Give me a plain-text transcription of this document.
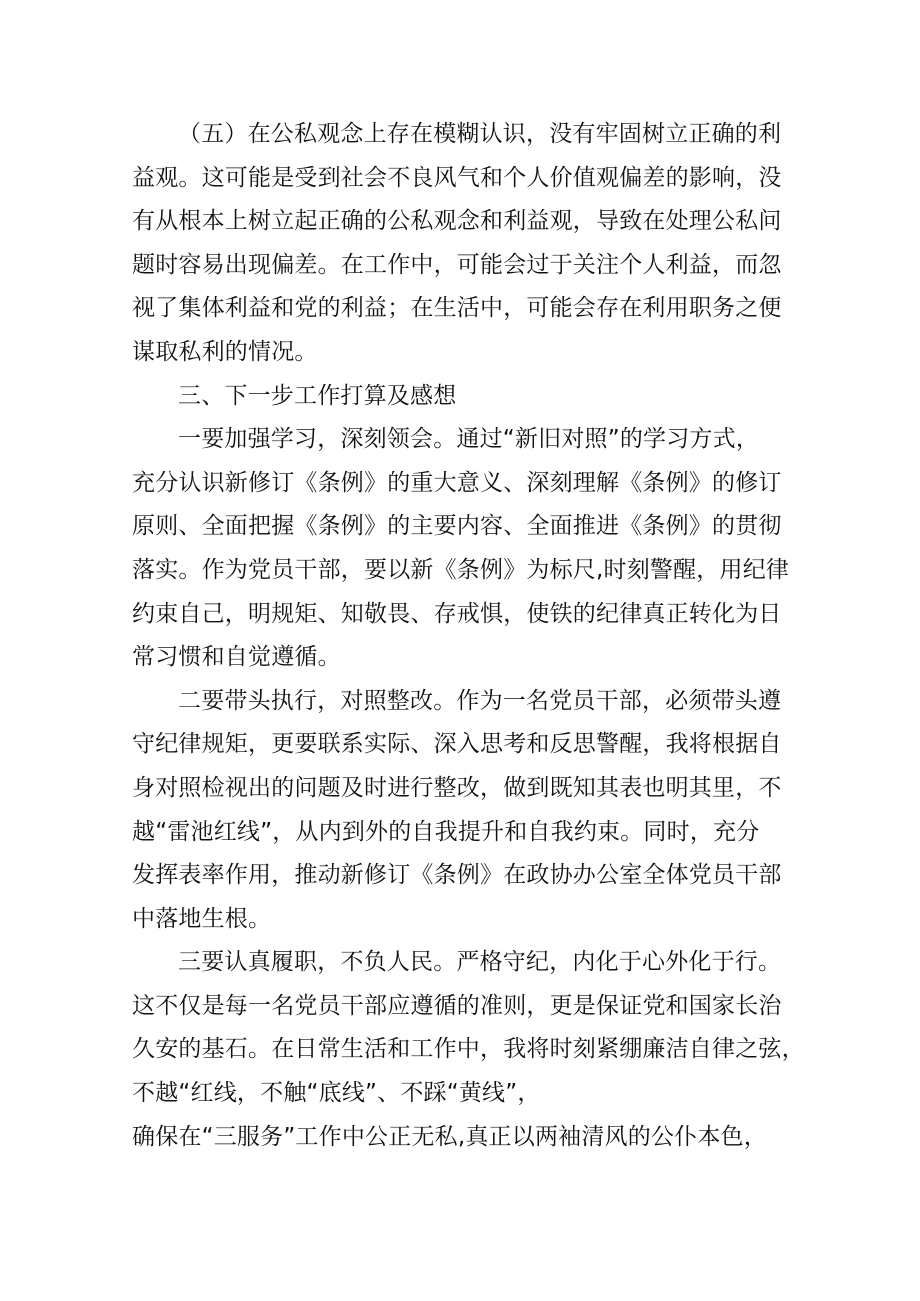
（五）在公私观念上存在模糊认识，没有牢固树立正确的利
益观。这可能是受到社会不良风气和个人价值观偏差的影响，没
有从根本上树立起正确的公私观念和利益观，导致在处理公私问
题时容易出现偏差。在工作中，可能会过于关注个人利益，而忽
视了集体利益和党的利益；在生活中，可能会存在利用职务之便
谋取私利的情况。
三、下一步工作打算及感想
一要加强学习，深刻领会。通过“新旧对照”的学习方式，
充分认识新修订《条例》的重大意义、深刻理解《条例》的修订
原则、全面把握《条例》的主要内容、全面推进《条例》的贯彻
落实。作为党员干部，要以新《条例》为标尺,时刻警醒，用纪律
约束自己，明规矩、知敬畏、存戒惧，使铁的纪律真正转化为日
常习惯和自觉遵循。
二要带头执行，对照整改。作为一名党员干部，必须带头遵
守纪律规矩，更要联系实际、深入思考和反思警醒，我将根据自
身对照检视出的问题及时进行整改，做到既知其表也明其里，不
越“雷池红线”，从内到外的自我提升和自我约束。同时，充分
发挥表率作用，推动新修订《条例》在政协办公室全体党员干部
中落地生根。
三要认真履职，不负人民。严格守纪，内化于心外化于行。
这不仅是每一名党员干部应遵循的准则，更是保证党和国家长治
久安的基石。在日常生活和工作中，我将时刻紧绷廉洁自律之弦，
不越“红线，不触“底线”、不踩“黄线”，
确保在“三服务”工作中公正无私,真正以两袖清风的公仆本色，
